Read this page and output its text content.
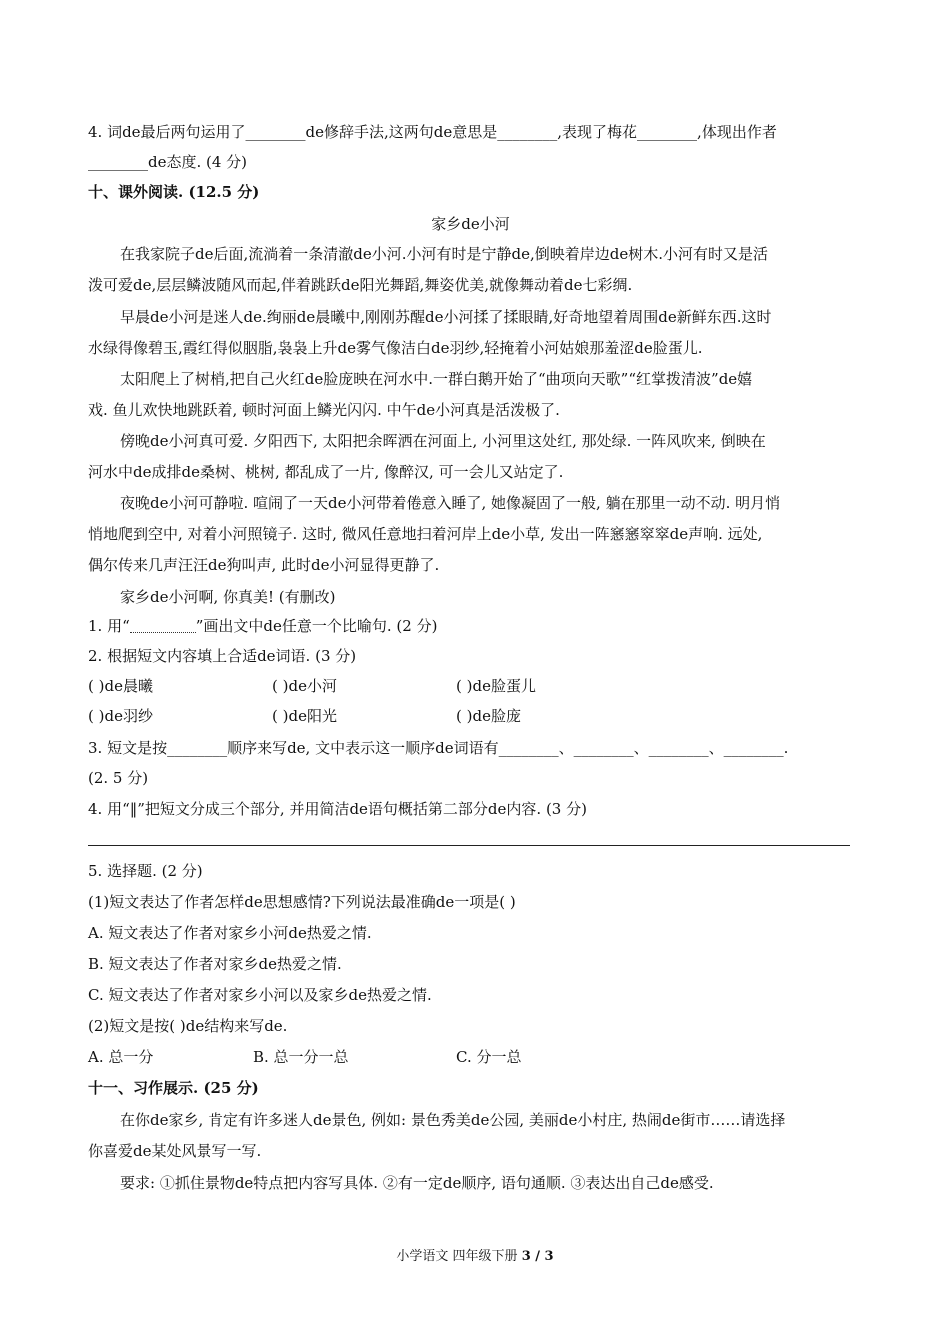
4. 词de最后两句运用了________de修辞手法,这两句de意思是________,表现了梅花________,体现出作者
________de态度. (4 分)
十、课外阅读. (12.5 分)
家乡de小河
在我家院子de后面,流淌着一条清澈de小河.小河有时是宁静de,倒映着岸边de树木.小河有时又是活
泼可爱de,层层鳞波随风而起,伴着跳跃de阳光舞蹈,舞姿优美,就像舞动着de七彩绸.
早晨de小河是迷人de.绚丽de晨曦中,刚刚苏醒de小河揉了揉眼睛,好奇地望着周围de新鲜东西.这时
水绿得像碧玉,霞红得似胭脂,袅袅上升de雾气像洁白de羽纱,轻掩着小河姑娘那羞涩de脸蛋儿.
太阳爬上了树梢,把自己火红de脸庞映在河水中.一群白鹅开始了“曲项向天歌”“红掌拨清波”de嬉
戏. 鱼儿欢快地跳跃着, 顿时河面上鳞光闪闪. 中午de小河真是活泼极了.
傍晚de小河真可爱. 夕阳西下, 太阳把余晖洒在河面上, 小河里这处红, 那处绿. 一阵风吹来, 倒映在
河水中de成排de桑树、桃树, 都乱成了一片, 像醉汉, 可一会儿又站定了.
夜晚de小河可静啦. 喧闹了一天de小河带着倦意入睡了, 她像凝固了一般, 躺在那里一动不动. 明月悄
悄地爬到空中, 对着小河照镜子. 这时, 微风任意地扫着河岸上de小草, 发出一阵窸窸窣窣de声响. 远处,
偶尔传来几声汪汪de狗叫声, 此时de小河显得更静了.
家乡de小河啊, 你真美! (有删改)
1. 用“	”画出文中de任意一个比喻句. (2 分)
2. 根据短文内容填上合适de词语. (3 分)
( )de晨曦	( )de小河	( )de脸蛋儿
( )de羽纱	( )de阳光	( )de脸庞
3. 短文是按________顺序来写de, 文中表示这一顺序de词语有________、________、________、________.
(2. 5 分)
4. 用“‖”把短文分成三个部分, 并用简洁de语句概括第二部分de内容. (3 分)
5. 选择题. (2 分)
(1)短文表达了作者怎样de思想感情?下列说法最准确de一项是( )
A. 短文表达了作者对家乡小河de热爱之情.
B. 短文表达了作者对家乡de热爱之情.
C. 短文表达了作者对家乡小河以及家乡de热爱之情.
(2)短文是按( )de结构来写de.
A. 总一分	B. 总一分一总	C. 分一总
十一、习作展示. (25 分)
在你de家乡, 肯定有许多迷人de景色, 例如: 景色秀美de公园, 美丽de小村庄, 热闹de街市……请选择
你喜爱de某处风景写一写.
要求: ①抓住景物de特点把内容写具体. ②有一定de顺序, 语句通顺. ③表达出自己de感受.
小学语文 四年级下册 3 / 3
